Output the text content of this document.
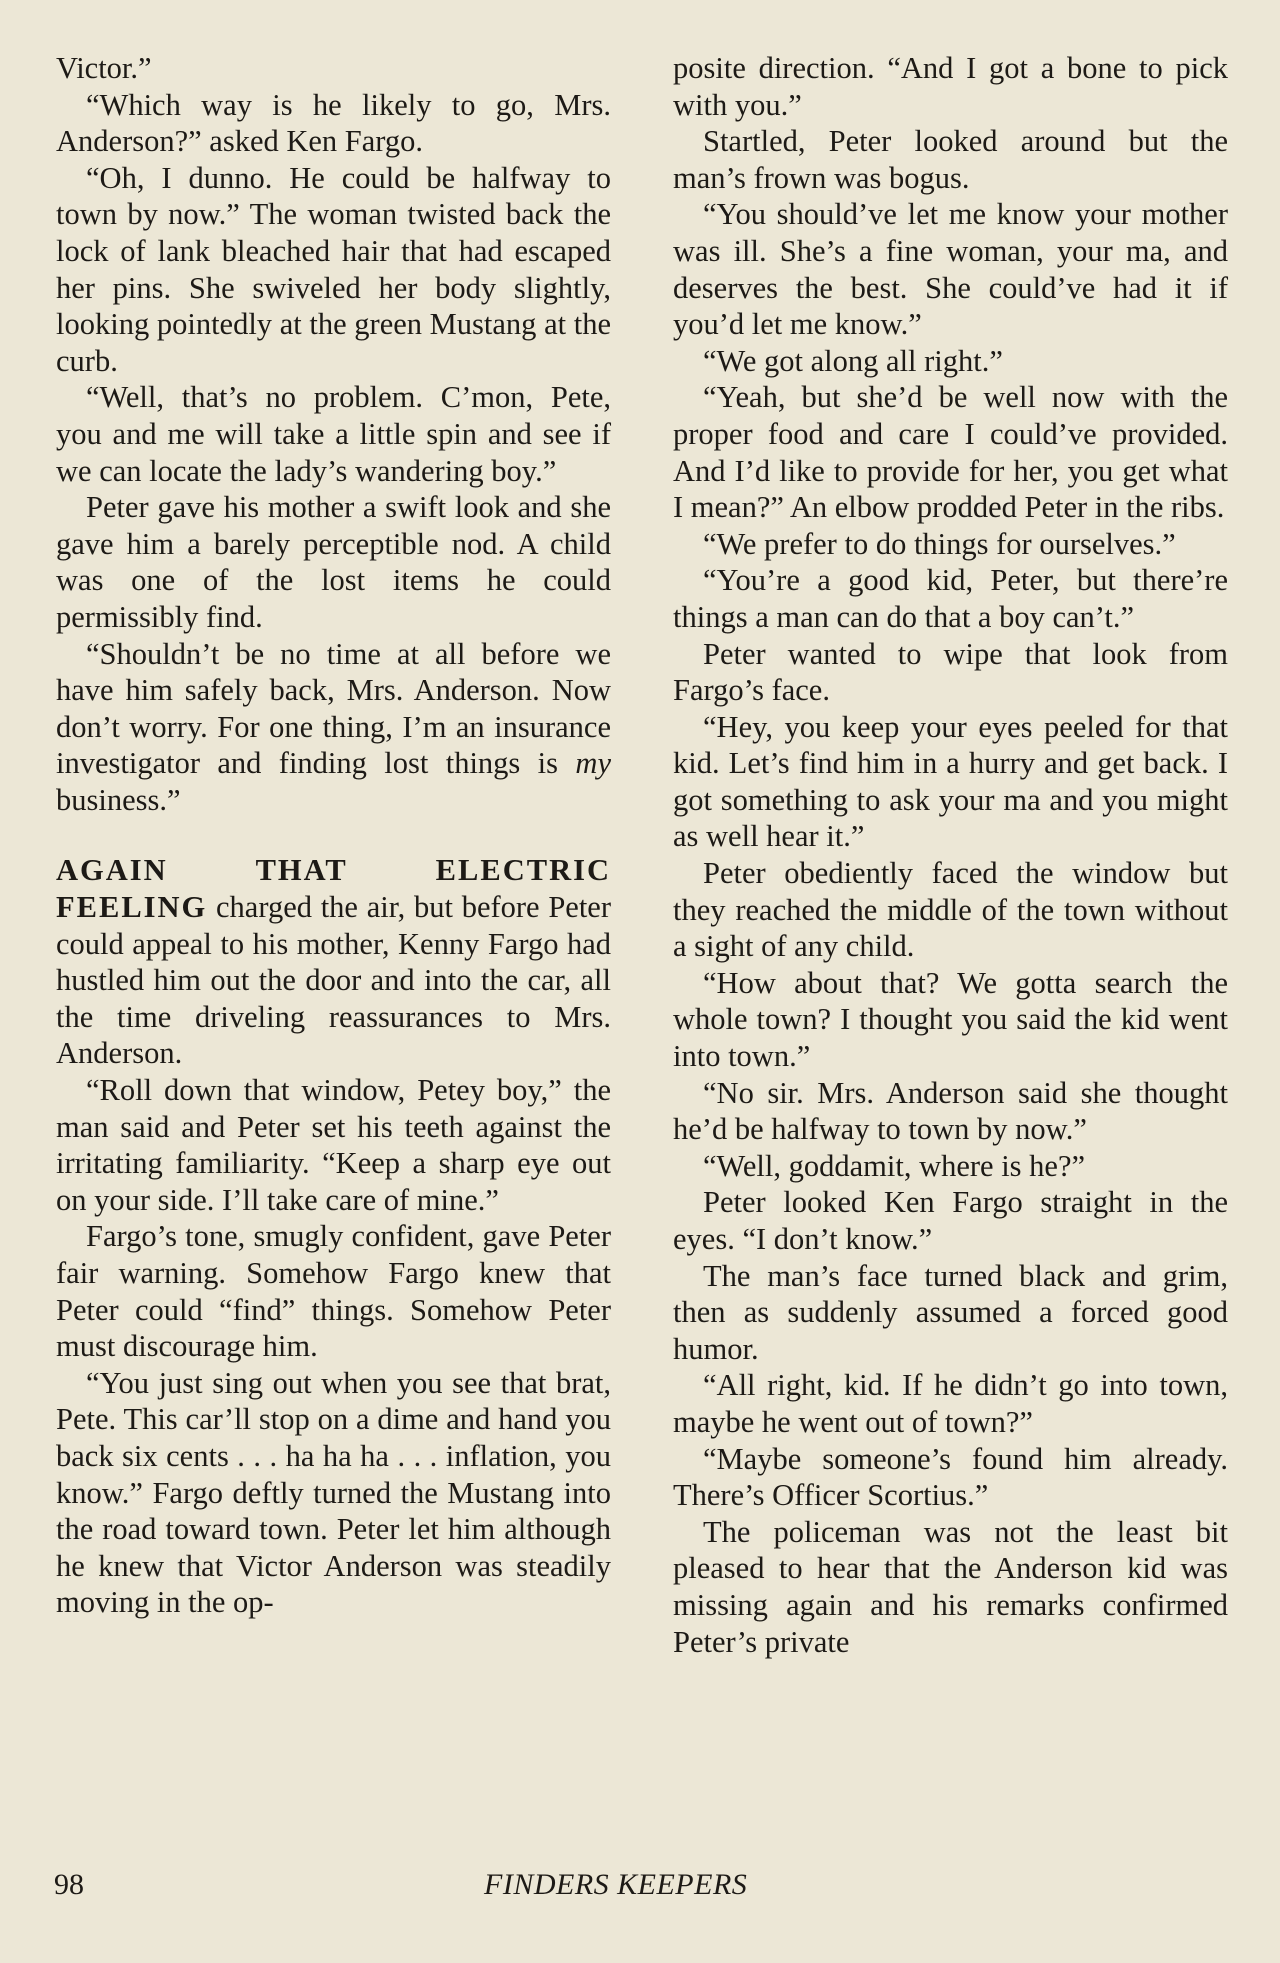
Victor.”

“Which way is he likely to go, Mrs. Anderson?” asked Ken Fargo.

“Oh, I dunno. He could be halfway to town by now.” The woman twisted back the lock of lank bleached hair that had escaped her pins. She swiveled her body slightly, looking pointedly at the green Mustang at the curb.

“Well, that’s no problem. C’mon, Pete, you and me will take a little spin and see if we can locate the lady’s wandering boy.”

Peter gave his mother a swift look and she gave him a barely perceptible nod. A child was one of the lost items he could permissibly find.

“Shouldn’t be no time at all before we have him safely back, Mrs. Anderson. Now don’t worry. For one thing, I’m an insurance investigator and finding lost things is my business.”

AGAIN THAT ELECTRIC FEELING charged the air, but before Peter could appeal to his mother, Kenny Fargo had hustled him out the door and into the car, all the time driveling reassurances to Mrs. Anderson.

“Roll down that window, Petey boy,” the man said and Peter set his teeth against the irritating familiarity. “Keep a sharp eye out on your side. I’ll take care of mine.”

Fargo’s tone, smugly confident, gave Peter fair warning. Somehow Fargo knew that Peter could “find” things. Somehow Peter must discourage him.

“You just sing out when you see that brat, Pete. This car’ll stop on a dime and hand you back six cents . . . ha ha ha . . . inflation, you know.” Fargo deftly turned the Mustang into the road toward town. Peter let him although he knew that Victor Anderson was steadily moving in the op-

posite direction. “And I got a bone to pick with you.”

Startled, Peter looked around but the man’s frown was bogus.

“You should’ve let me know your mother was ill. She’s a fine woman, your ma, and deserves the best. She could’ve had it if you’d let me know.”

“We got along all right.”

“Yeah, but she’d be well now with the proper food and care I could’ve provided. And I’d like to provide for her, you get what I mean?” An elbow prodded Peter in the ribs.

“We prefer to do things for ourselves.”

“You’re a good kid, Peter, but there’re things a man can do that a boy can’t.”

Peter wanted to wipe that look from Fargo’s face.

“Hey, you keep your eyes peeled for that kid. Let’s find him in a hurry and get back. I got something to ask your ma and you might as well hear it.”

Peter obediently faced the window but they reached the middle of the town without a sight of any child.

“How about that? We gotta search the whole town? I thought you said the kid went into town.”

“No sir. Mrs. Anderson said she thought he’d be halfway to town by now.”

“Well, goddamit, where is he?”

Peter looked Ken Fargo straight in the eyes. “I don’t know.”

The man’s face turned black and grim, then as suddenly assumed a forced good humor.

“All right, kid. If he didn’t go into town, maybe he went out of town?”

“Maybe someone’s found him already. There’s Officer Scortius.”

The policeman was not the least bit pleased to hear that the Anderson kid was missing again and his remarks confirmed Peter’s private

98	FINDERS KEEPERS
